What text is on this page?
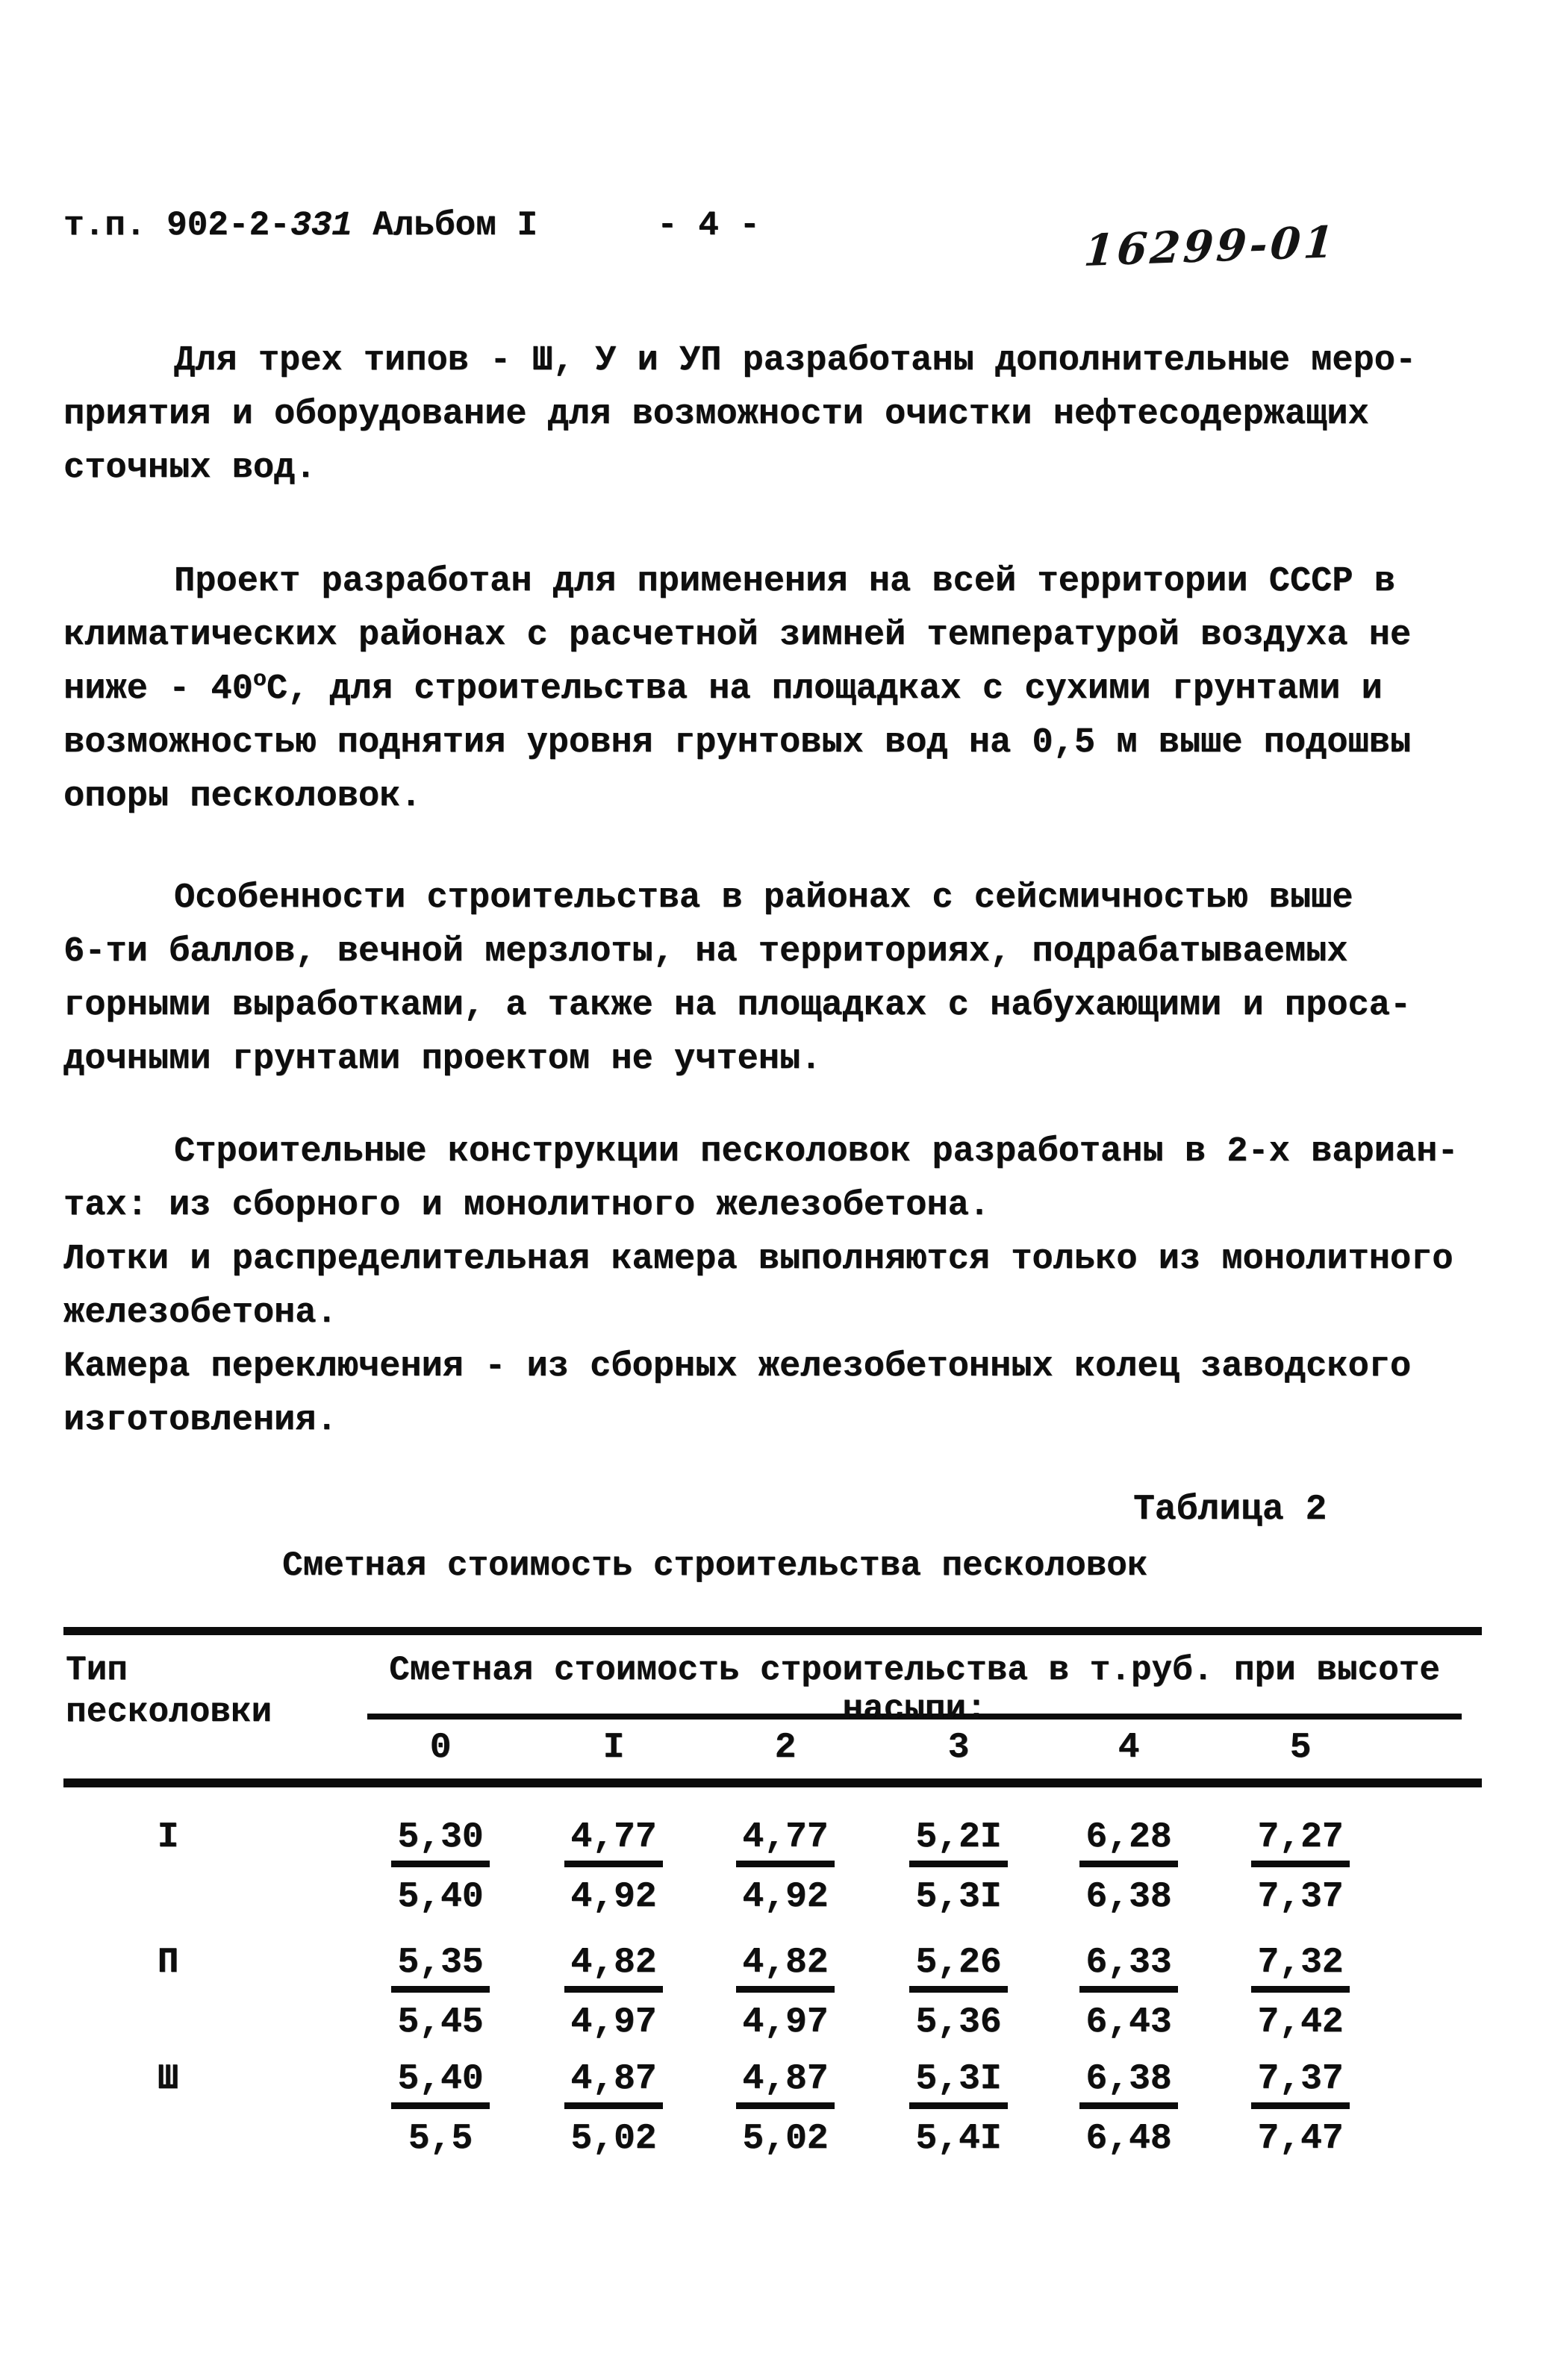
т.п. 902-2-331 Альбом I	- 4 -	16299-01
Для трех типов - Ш, У и УП разработаны дополнительные меро-
приятия и оборудование для возможности очистки нефтесодержащих
сточных вод.
Проект разработан для применения на всей территории СССР в
климатических районах с расчетной зимней температурой воздуха не
ниже - 40оС, для строительства на площадках с сухими грунтами и
возможностью поднятия уровня грунтовых вод на 0,5 м выше подошвы
опоры песколовок.
Особенности строительства в районах с сейсмичностью выше
6-ти баллов, вечной мерзлоты, на территориях, подрабатываемых
горными выработками, а также на площадках с набухающими и проса-
дочными грунтами проектом не учтены.
Строительные конструкции песколовок разработаны в 2-х вариан-
тах: из сборного и монолитного железобетона.
Лотки и распределительная камера выполняются только из монолитного
железобетона.
Камера переключения - из сборных железобетонных колец заводского
изготовления.
Таблица 2
Сметная стоимость строительства песколовок
Тип
песколовки
Сметная стоимость строительства в т.руб. при высоте
насыпи:
0	I	2	3	4	5
I	5,30	4,77	4,77	5,2I	6,28	7,27
5,40	4,92	4,92	5,3I	6,38	7,37
П	5,35	4,82	4,82	5,26	6,33	7,32
5,45	4,97	4,97	5,36	6,43	7,42
Ш	5,40	4,87	4,87	5,3I	6,38	7,37
5,5	5,02	5,02	5,4I	6,48	7,47
